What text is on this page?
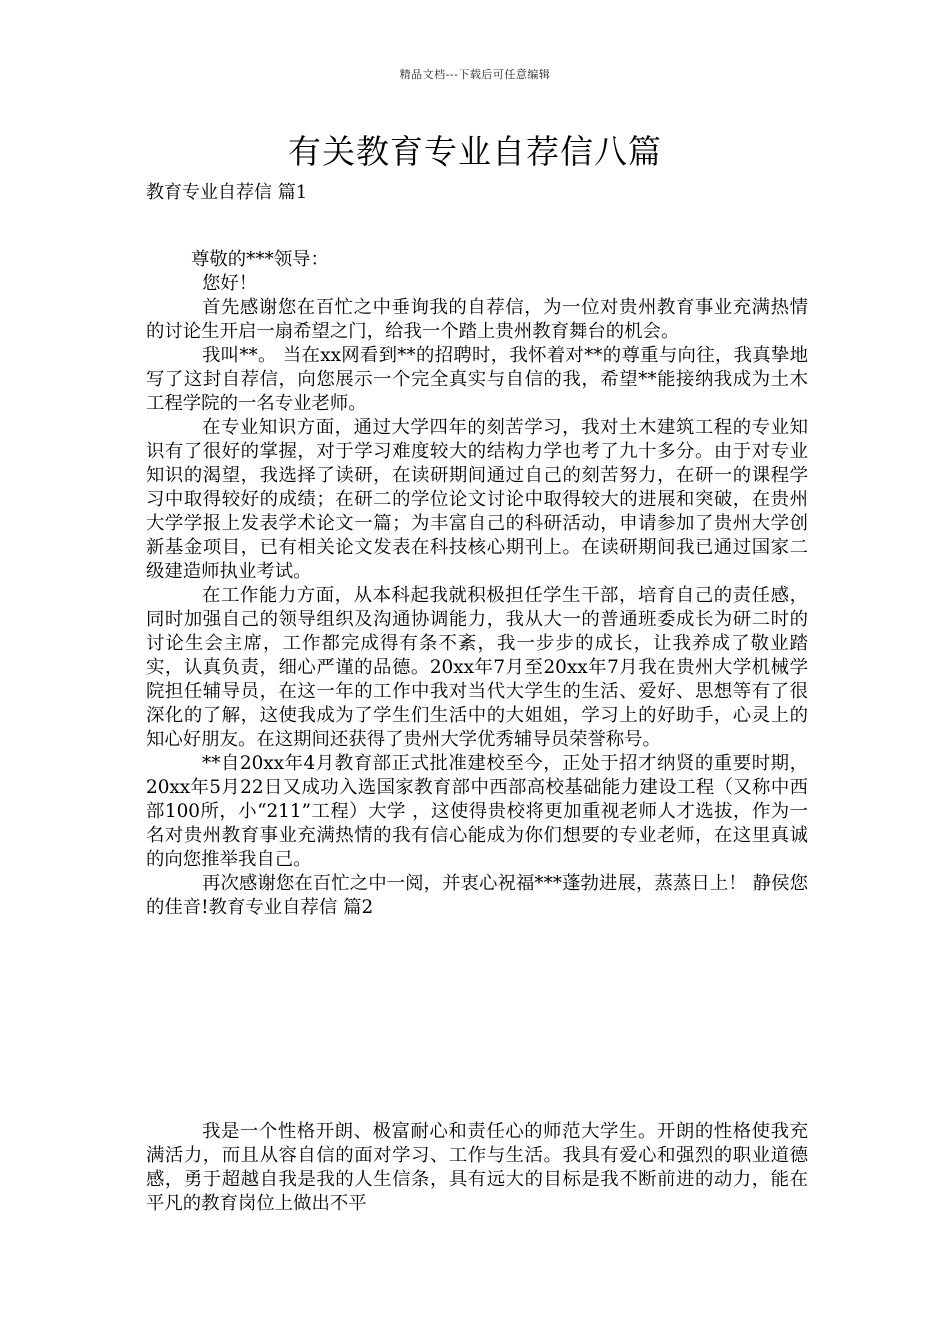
精品文档---下载后可任意编辑
有关教育专业自荐信八篇
教育专业自荐信 篇1

尊敬的***领导：

您好！

首先感谢您在百忙之中垂询我的自荐信，为一位对贵州教育事业充满热情的讨论生开启一扇希望之门，给我一个踏上贵州教育舞台的机会。

我叫**。 当在xx网看到**的招聘时，我怀着对**的尊重与向往，我真挚地写了这封自荐信，向您展示一个完全真实与自信的我，希望**能接纳我成为土木工程学院的一名专业老师。

在专业知识方面，通过大学四年的刻苦学习，我对土木建筑工程的专业知识有了很好的掌握，对于学习难度较大的结构力学也考了九十多分。由于对专业知识的渴望，我选择了读研，在读研期间通过自己的刻苦努力，在研一的课程学习中取得较好的成绩；在研二的学位论文讨论中取得较大的进展和突破，在贵州大学学报上发表学术论文一篇；为丰富自己的科研活动，申请参加了贵州大学创新基金项目，已有相关论文发表在科技核心期刊上。在读研期间我已通过国家二级建造师执业考试。

在工作能力方面，从本科起我就积极担任学生干部，培育自己的责任感，同时加强自己的领导组织及沟通协调能力，我从大一的普通班委成长为研二时的讨论生会主席，工作都完成得有条不紊，我一步步的成长，让我养成了敬业踏实，认真负责，细心严谨的品德。20xx年7月至20xx年7月我在贵州大学机械学院担任辅导员，在这一年的工作中我对当代大学生的生活、爱好、思想等有了很深化的了解，这使我成为了学生们生活中的大姐姐，学习上的好助手，心灵上的知心好朋友。在这期间还获得了贵州大学优秀辅导员荣誉称号。

**自20xx年4月教育部正式批准建校至今，正处于招才纳贤的重要时期，20xx年5月22日又成功入选国家教育部中西部高校基础能力建设工程（又称中西部100所，小“211”工程）大学 ，这使得贵校将更加重视老师人才选拔，作为一名对贵州教育事业充满热情的我有信心能成为你们想要的专业老师，在这里真诚的向您推举我自己。

再次感谢您在百忙之中一阅，并衷心祝福***蓬勃进展，蒸蒸日上！ 静侯您的佳音!教育专业自荐信 篇2

我是一个性格开朗、极富耐心和责任心的师范大学生。开朗的性格使我充满活力，而且从容自信的面对学习、工作与生活。我具有爱心和强烈的职业道德感，勇于超越自我是我的人生信条，具有远大的目标是我不断前进的动力，能在平凡的教育岗位上做出不平
